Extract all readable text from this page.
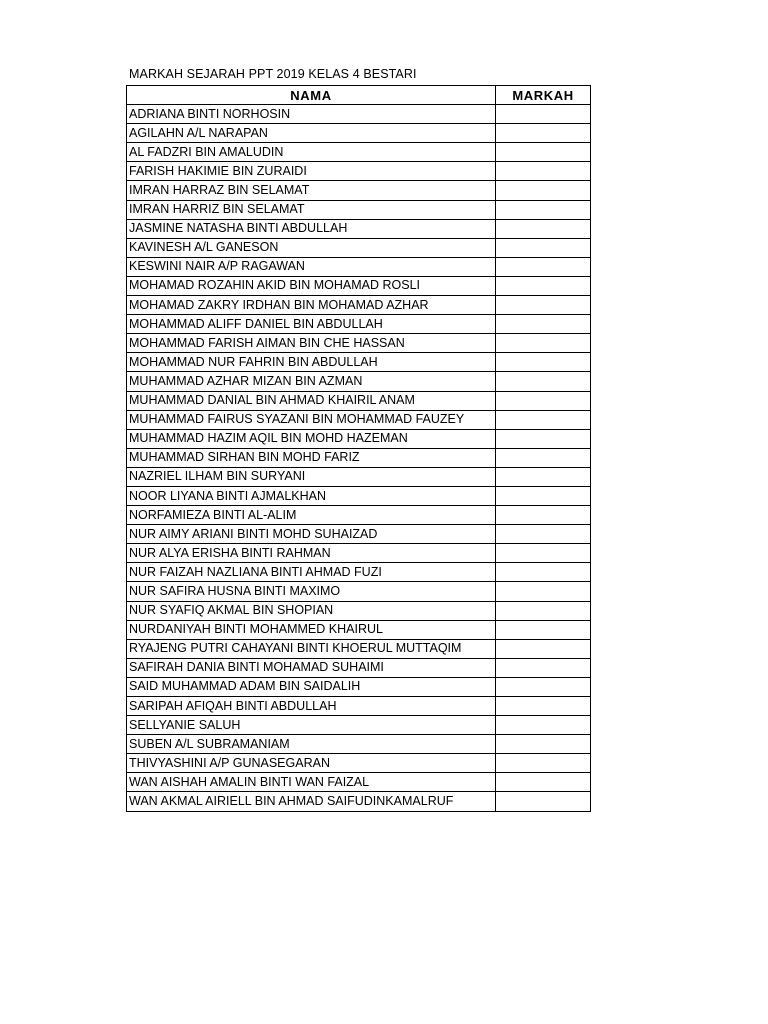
MARKAH SEJARAH PPT 2019 KELAS 4 BESTARI
NAMA	MARKAH
ADRIANA BINTI NORHOSIN	
AGILAHN A/L NARAPAN	
AL FADZRI BIN AMALUDIN	
FARISH HAKIMIE BIN ZURAIDI	
IMRAN HARRAZ BIN SELAMAT	
IMRAN HARRIZ BIN SELAMAT	
JASMINE NATASHA BINTI ABDULLAH	
KAVINESH A/L GANESON	
KESWINI NAIR A/P RAGAWAN	
MOHAMAD ROZAHIN AKID BIN MOHAMAD ROSLI	
MOHAMAD ZAKRY IRDHAN BIN MOHAMAD AZHAR	
MOHAMMAD ALIFF DANIEL BIN ABDULLAH	
MOHAMMAD FARISH AIMAN BIN CHE HASSAN	
MOHAMMAD NUR FAHRIN BIN ABDULLAH	
MUHAMMAD AZHAR MIZAN BIN AZMAN	
MUHAMMAD DANIAL BIN AHMAD KHAIRIL ANAM	
MUHAMMAD FAIRUS SYAZANI BIN MOHAMMAD FAUZEY	
MUHAMMAD HAZIM AQIL BIN MOHD HAZEMAN	
MUHAMMAD SIRHAN BIN MOHD FARIZ	
NAZRIEL ILHAM BIN SURYANI	
NOOR LIYANA BINTI AJMALKHAN	
NORFAMIEZA BINTI AL-ALIM	
NUR AIMY ARIANI BINTI MOHD SUHAIZAD	
NUR ALYA ERISHA BINTI RAHMAN	
NUR FAIZAH NAZLIANA BINTI AHMAD FUZI	
NUR SAFIRA HUSNA BINTI MAXIMO	
NUR SYAFIQ AKMAL BIN SHOPIAN	
NURDANIYAH BINTI MOHAMMED KHAIRUL	
RYAJENG PUTRI CAHAYANI BINTI KHOERUL MUTTAQIM	
SAFIRAH DANIA BINTI MOHAMAD SUHAIMI	
SAID MUHAMMAD ADAM BIN SAIDALIH	
SARIPAH AFIQAH BINTI ABDULLAH	
SELLYANIE SALUH	
SUBEN A/L SUBRAMANIAM	
THIVYASHINI A/P GUNASEGARAN	
WAN AISHAH AMALIN BINTI WAN FAIZAL	
WAN AKMAL AIRIELL BIN AHMAD SAIFUDINKAMALRUF	
